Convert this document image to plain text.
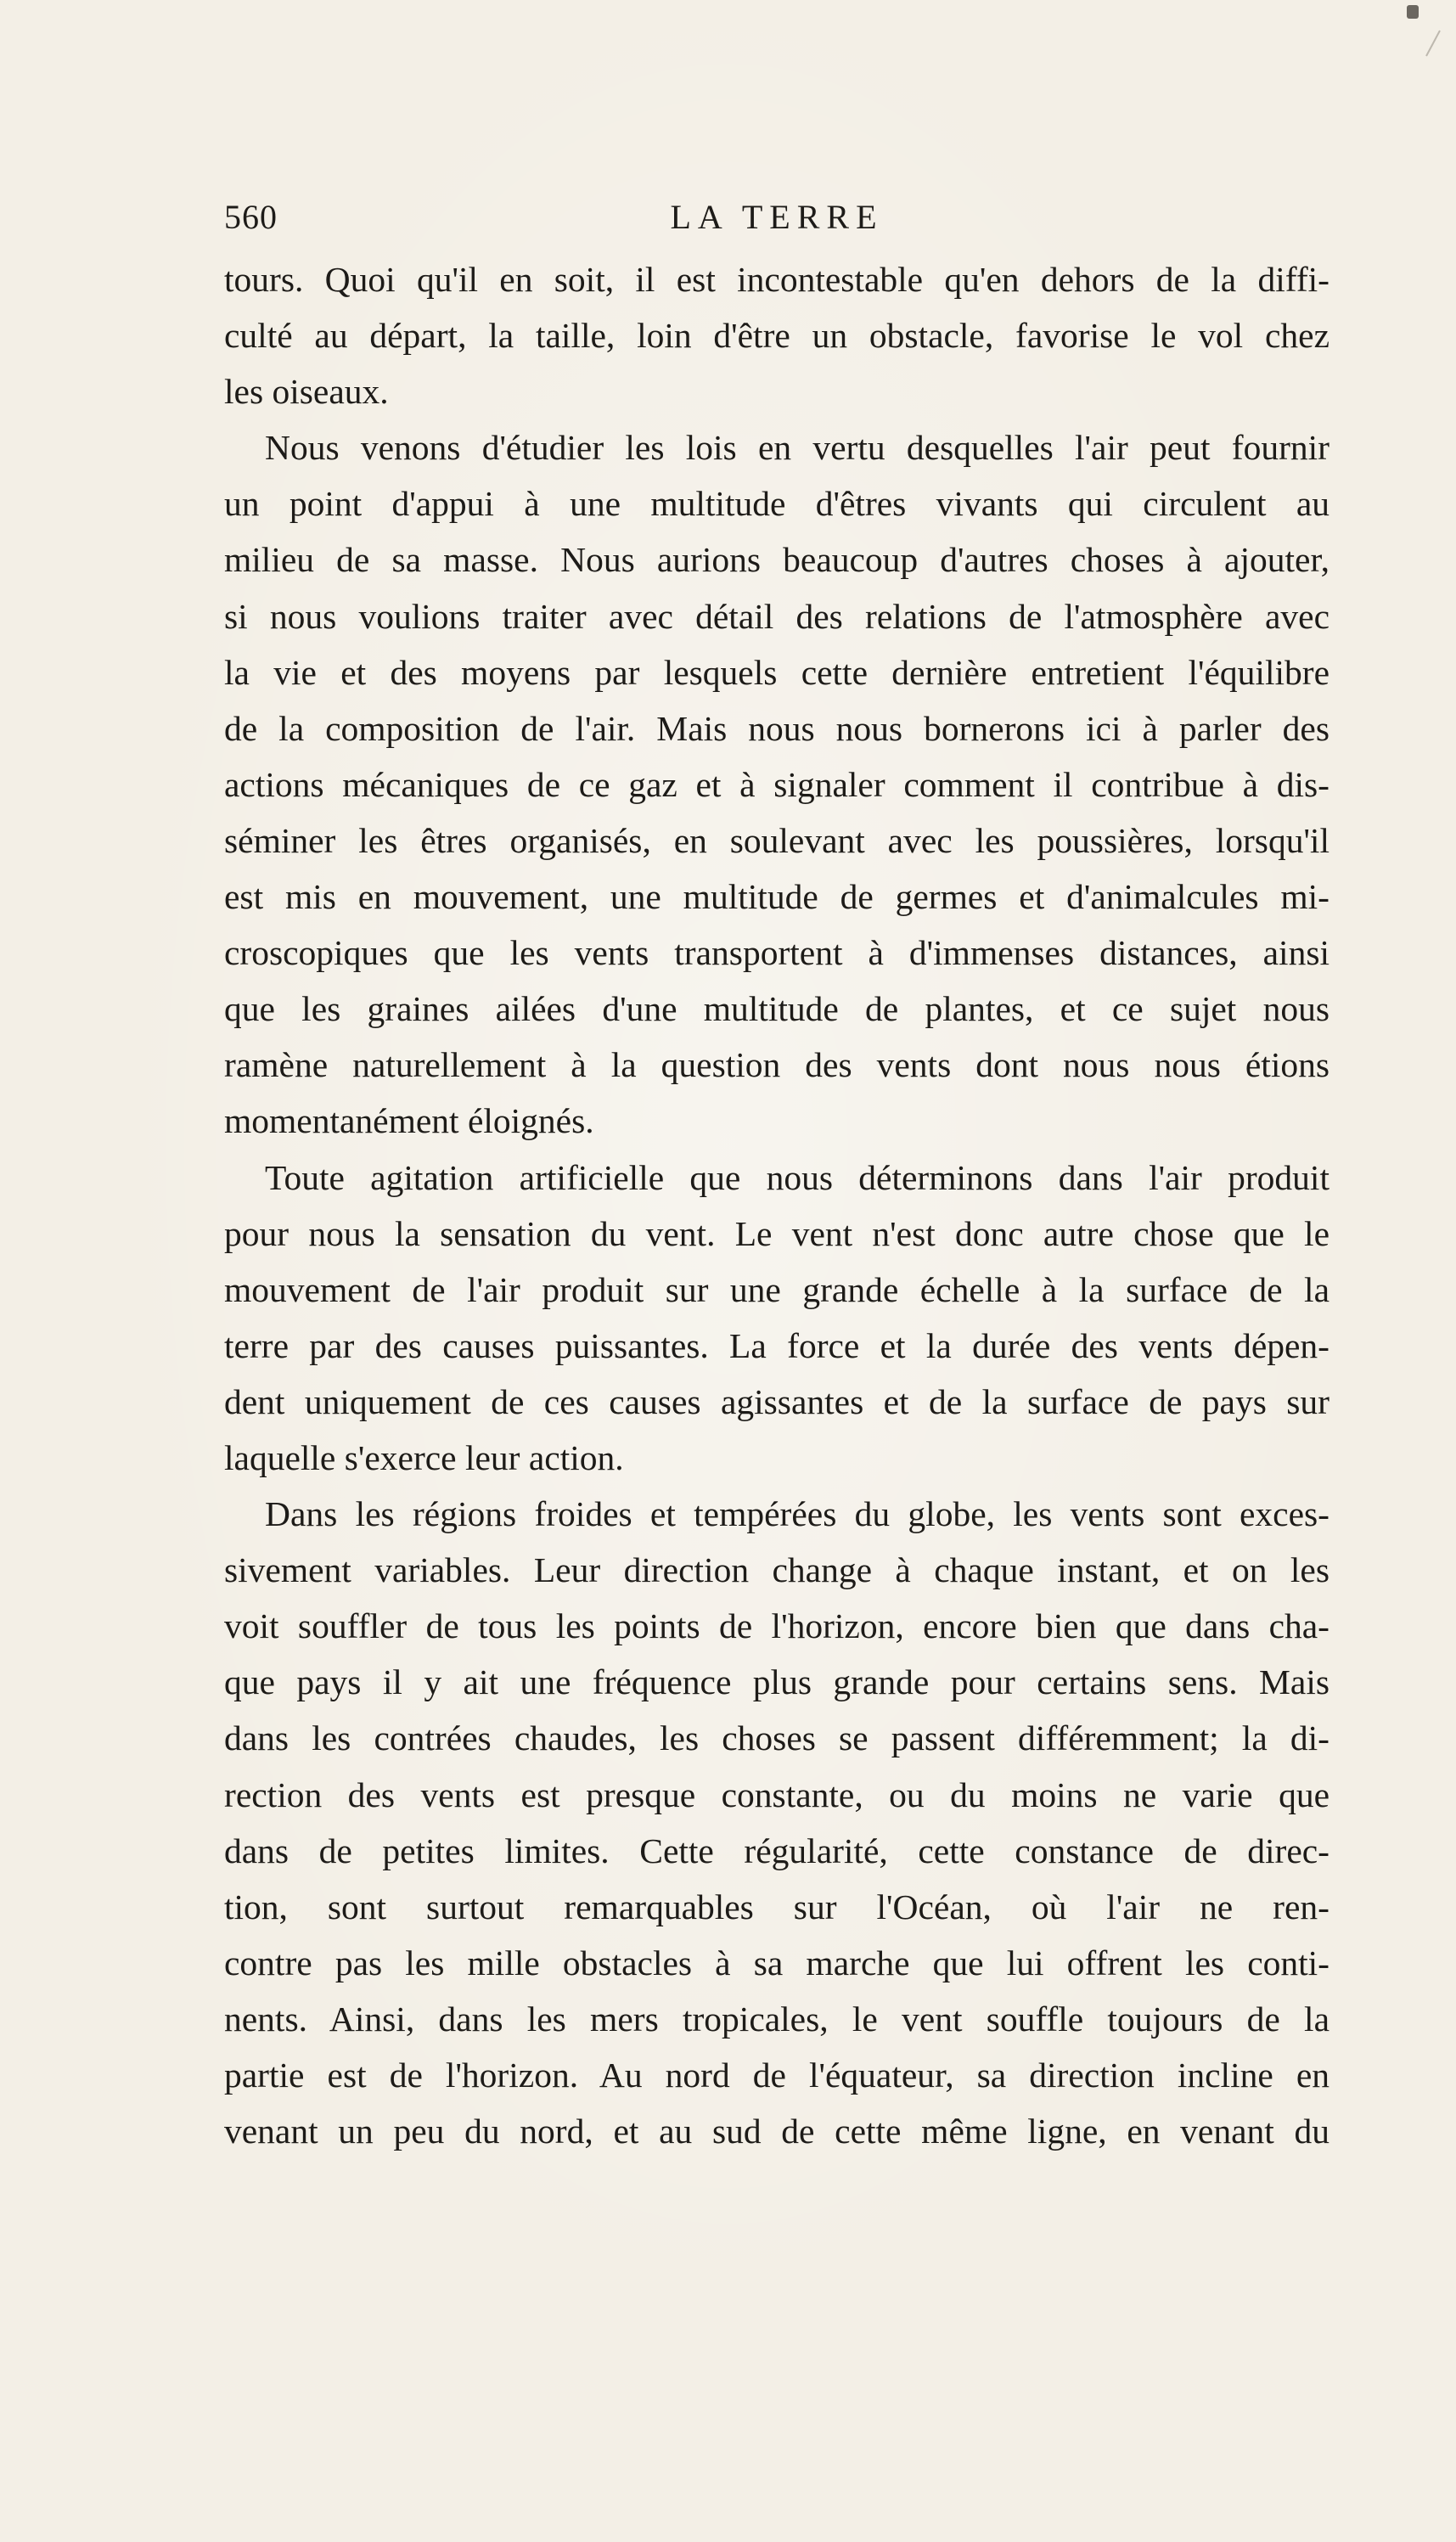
560	LA TERRE
tours. Quoi qu'il en soit, il est incontestable qu'en dehors de la diffi-
culté au départ, la taille, loin d'être un obstacle, favorise le vol chez
les oiseaux.
Nous venons d'étudier les lois en vertu desquelles l'air peut fournir
un point d'appui à une multitude d'êtres vivants qui circulent au
milieu de sa masse. Nous aurions beaucoup d'autres choses à ajouter,
si nous voulions traiter avec détail des relations de l'atmosphère avec
la vie et des moyens par lesquels cette dernière entretient l'équilibre
de la composition de l'air. Mais nous nous bornerons ici à parler des
actions mécaniques de ce gaz et à signaler comment il contribue à dis-
séminer les êtres organisés, en soulevant avec les poussières, lorsqu'il
est mis en mouvement, une multitude de germes et d'animalcules mi-
croscopiques que les vents transportent à d'immenses distances, ainsi
que les graines ailées d'une multitude de plantes, et ce sujet nous
ramène naturellement à la question des vents dont nous nous étions
momentanément éloignés.
Toute agitation artificielle que nous déterminons dans l'air produit
pour nous la sensation du vent. Le vent n'est donc autre chose que le
mouvement de l'air produit sur une grande échelle à la surface de la
terre par des causes puissantes. La force et la durée des vents dépen-
dent uniquement de ces causes agissantes et de la surface de pays sur
laquelle s'exerce leur action.
Dans les régions froides et tempérées du globe, les vents sont exces-
sivement variables. Leur direction change à chaque instant, et on les
voit souffler de tous les points de l'horizon, encore bien que dans cha-
que pays il y ait une fréquence plus grande pour certains sens. Mais
dans les contrées chaudes, les choses se passent différemment; la di-
rection des vents est presque constante, ou du moins ne varie que
dans de petites limites. Cette régularité, cette constance de direc-
tion, sont surtout remarquables sur l'Océan, où l'air ne ren-
contre pas les mille obstacles à sa marche que lui offrent les conti-
nents. Ainsi, dans les mers tropicales, le vent souffle toujours de la
partie est de l'horizon. Au nord de l'équateur, sa direction incline en
venant un peu du nord, et au sud de cette même ligne, en venant du
